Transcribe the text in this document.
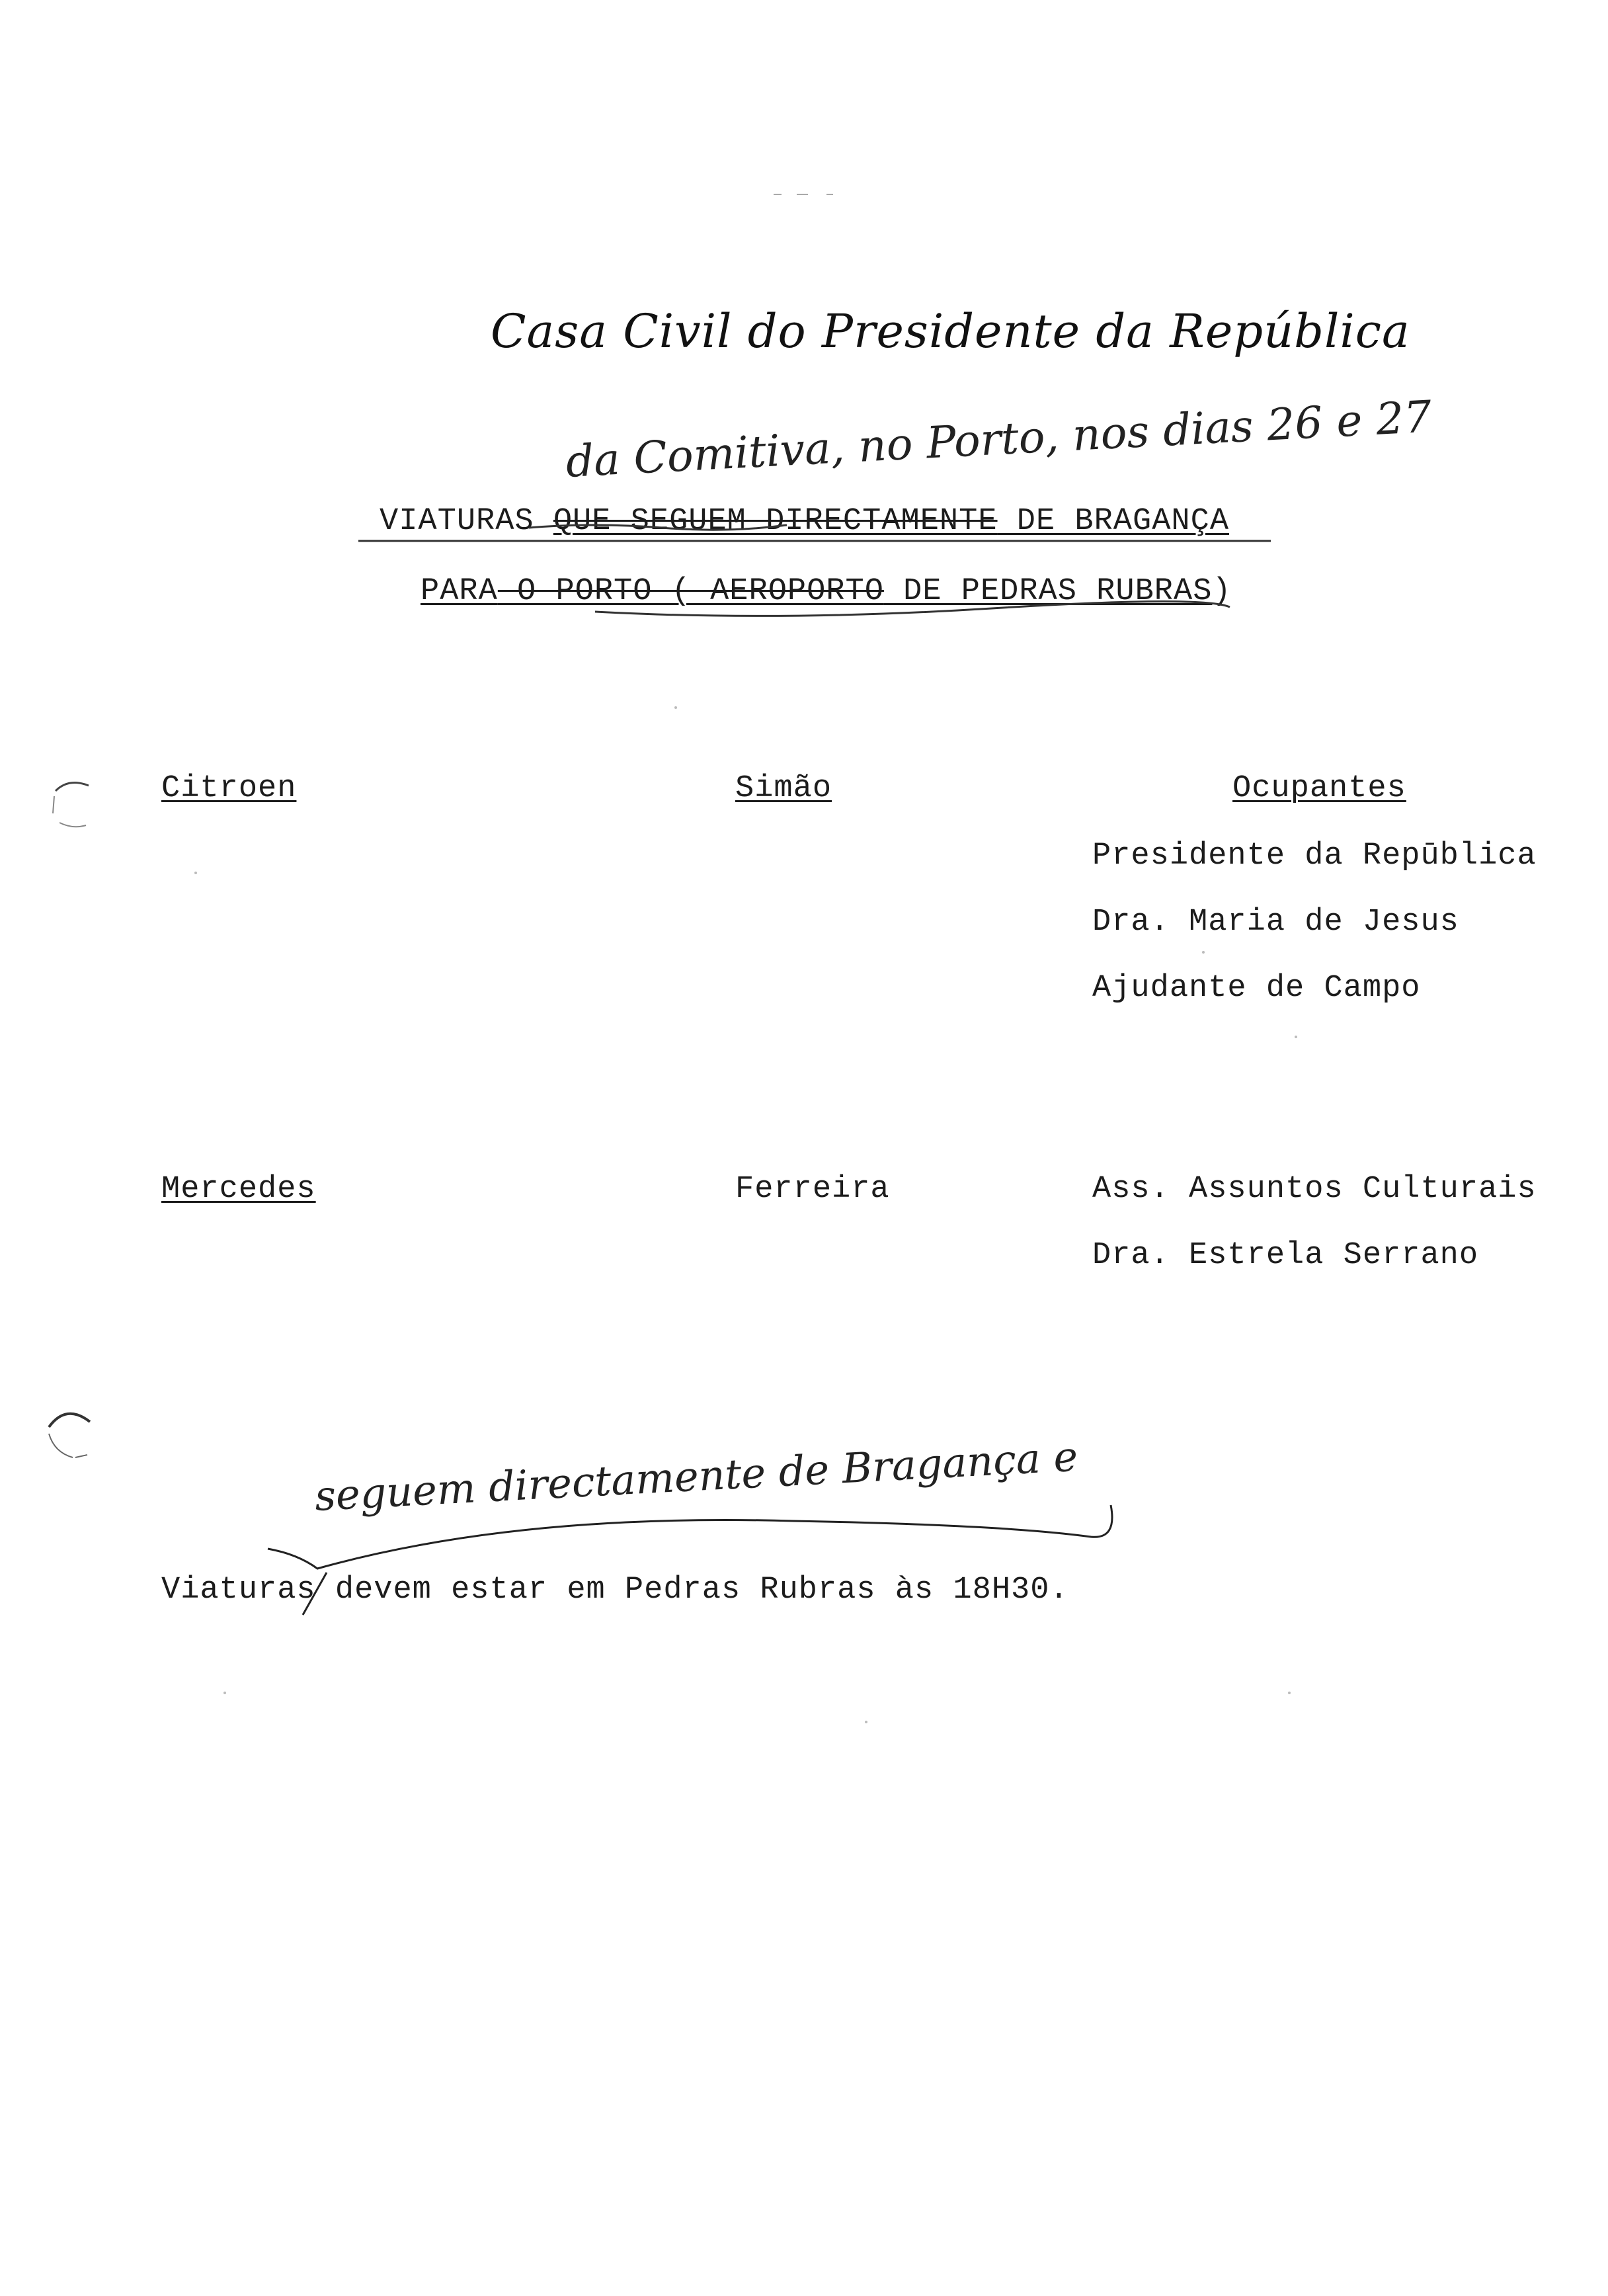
Casa Civil do Presidente da República
da Comitiva, no Porto, nos dias 26 e 27
VIATURAS QUE SEGUEM DIRECTAMENTE DE BRAGANÇA
PARA O PORTO ( AEROPORTO DE PEDRAS RUBRAS)
Citroen	Simão	Ocupantes
Presidente da Repūblica
Dra. Maria de Jesus
Ajudante de Campo
Mercedes	Ferreira	Ass. Assuntos Culturais
Dra. Estrela Serrano
seguem directamente de Bragança e
Viaturas devem estar em Pedras Rubras às 18H30.
